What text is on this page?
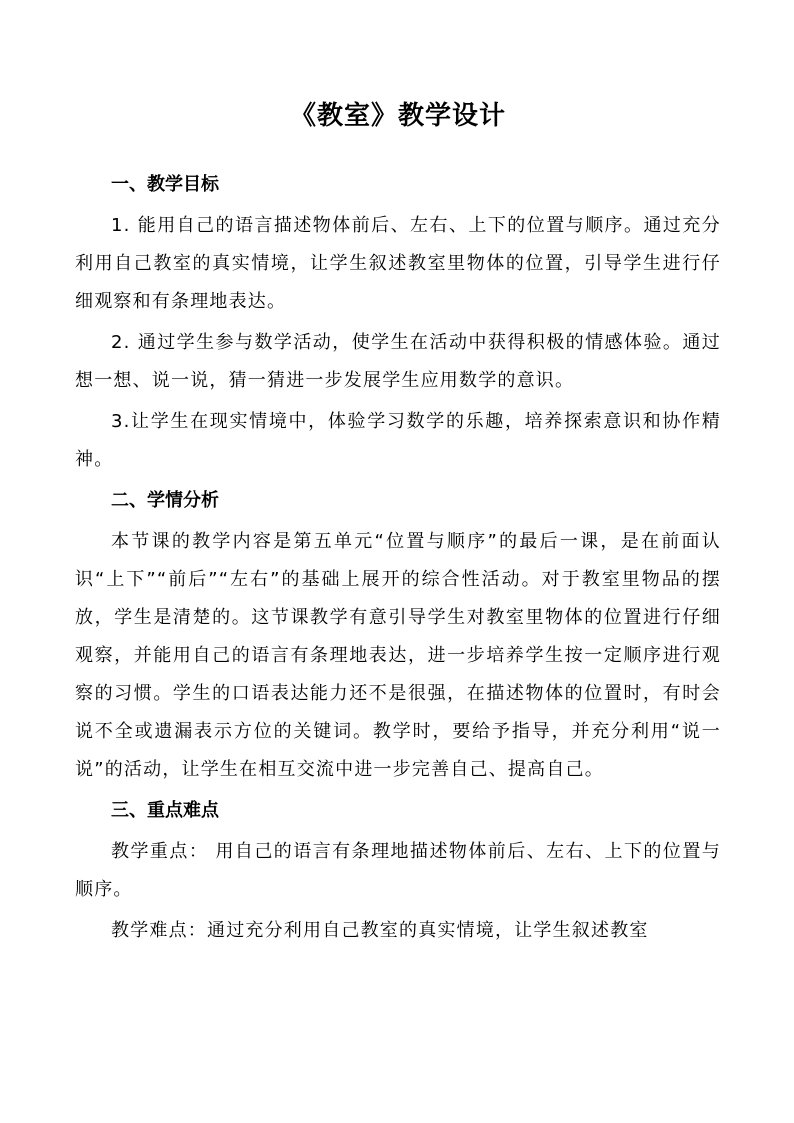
《教室》教学设计

一、教学目标

1. 能用自己的语言描述物体前后、左右、上下的位置与顺序。通过充分利用自己教室的真实情境，让学生叙述教室里物体的位置，引导学生进行仔细观察和有条理地表达。

2. 通过学生参与数学活动，使学生在活动中获得积极的情感体验。通过想一想、说一说，猜一猜进一步发展学生应用数学的意识。

3.让学生在现实情境中，体验学习数学的乐趣，培养探索意识和协作精神。

二、学情分析

本节课的教学内容是第五单元“位置与顺序”的最后一课，是在前面认识“上下”“前后”“左右”的基础上展开的综合性活动。对于教室里物品的摆放，学生是清楚的。这节课教学有意引导学生对教室里物体的位置进行仔细观察，并能用自己的语言有条理地表达，进一步培养学生按一定顺序进行观察的习惯。学生的口语表达能力还不是很强，在描述物体的位置时，有时会说不全或遗漏表示方位的关键词。教学时，要给予指导，并充分利用“说一说”的活动，让学生在相互交流中进一步完善自己、提高自己。

三、重点难点

教学重点： 用自己的语言有条理地描述物体前后、左右、上下的位置与顺序。

教学难点：通过充分利用自己教室的真实情境，让学生叙述教室
